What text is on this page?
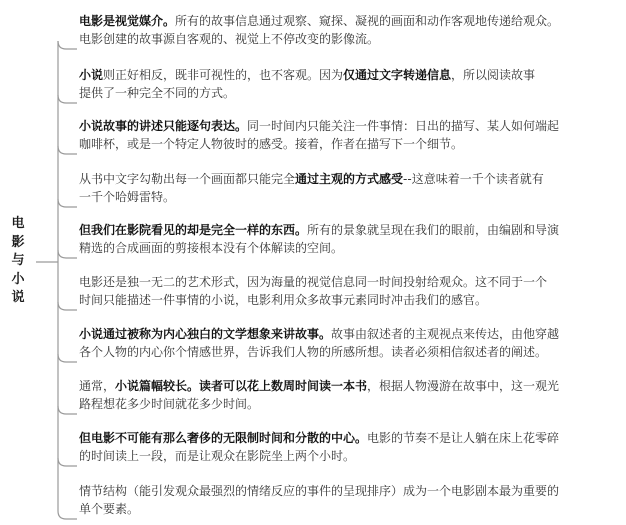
电
影
与
小
说
电影是视觉媒介。所有的故事信息通过观察、窥探、凝视的画面和动作客观地传递给观众。
电影创建的故事源自客观的、视觉上不停改变的影像流。
小说则正好相反，既非可视性的，也不客观。因为仅通过文字转递信息，所以阅读故事
提供了一种完全不同的方式。
小说故事的讲述只能逐句表达。同一时间内只能关注一件事情：日出的描写、某人如何端起
咖啡杯，或是一个特定人物彼时的感受。接着，作者在描写下一个细节。
从书中文字勾勒出每一个画面都只能完全通过主观的方式感受--这意味着一千个读者就有
一千个哈姆雷特。
但我们在影院看见的却是完全一样的东西。所有的景象就呈现在我们的眼前，由编剧和导演
精选的合成画面的剪接根本没有个体解读的空间。
电影还是独一无二的艺术形式，因为海量的视觉信息同一时间投射给观众。这不同于一个
时间只能描述一件事情的小说，电影利用众多故事元素同时冲击我们的感官。
小说通过被称为内心独白的文学想象来讲故事。故事由叙述者的主观视点来传达，由他穿越
各个人物的内心你个情感世界，告诉我们人物的所感所想。读者必须相信叙述者的阐述。
通常，小说篇幅较长。读者可以花上数周时间读一本书，根据人物漫游在故事中，这一观光
路程想花多少时间就花多少时间。
但电影不可能有那么奢侈的无限制时间和分散的中心。电影的节奏不是让人躺在床上花零碎
的时间读上一段，而是让观众在影院坐上两个小时。
情节结构（能引发观众最强烈的情绪反应的事件的呈现排序）成为一个电影剧本最为重要的
单个要素。
